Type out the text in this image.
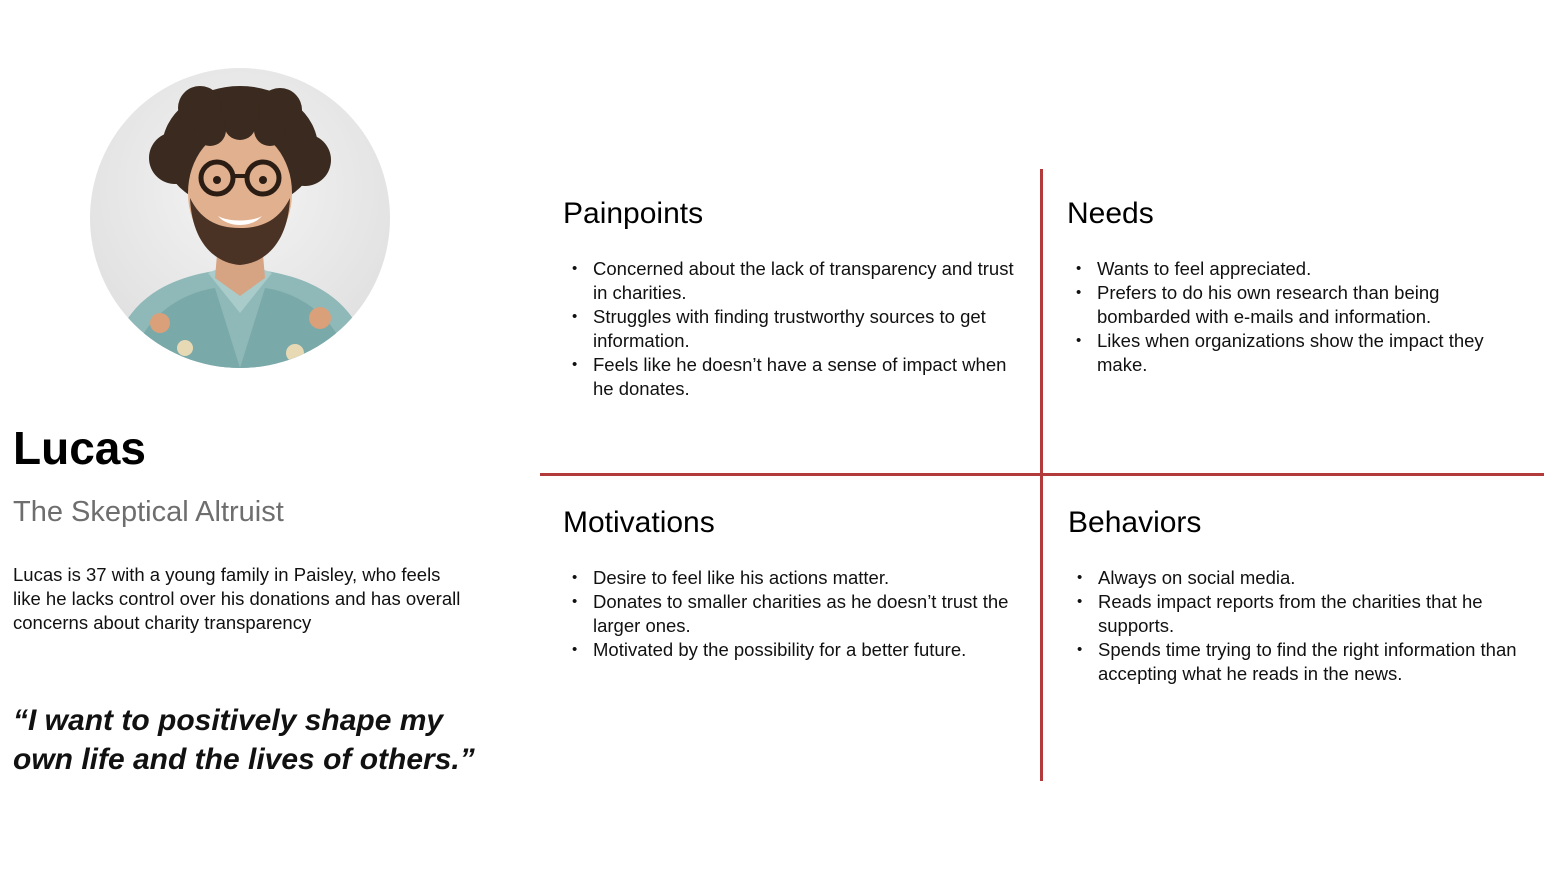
Lucas

The Skeptical Altruist

Lucas is 37 with a young family in Paisley, who feels like he lacks control over his donations and has overall concerns about charity transparency

“I want to positively shape my own life and the lives of others.”

Painpoints
• Concerned about the lack of transparency and trust in charities.
• Struggles with finding trustworthy sources to get information.
• Feels like he doesn’t have a sense of impact when he donates.
Needs
• Wants to feel appreciated.
• Prefers to do his own research than being bombarded with e-mails and information.
• Likes when organizations show the impact they make.
Motivations
• Desire to feel like his actions matter.
• Donates to smaller charities as he doesn’t trust the larger ones.
• Motivated by the possibility for a better future.
Behaviors
• Always on social media.
• Reads impact reports from the charities that he supports.
• Spends time trying to find the right information than accepting what he reads in the news.
